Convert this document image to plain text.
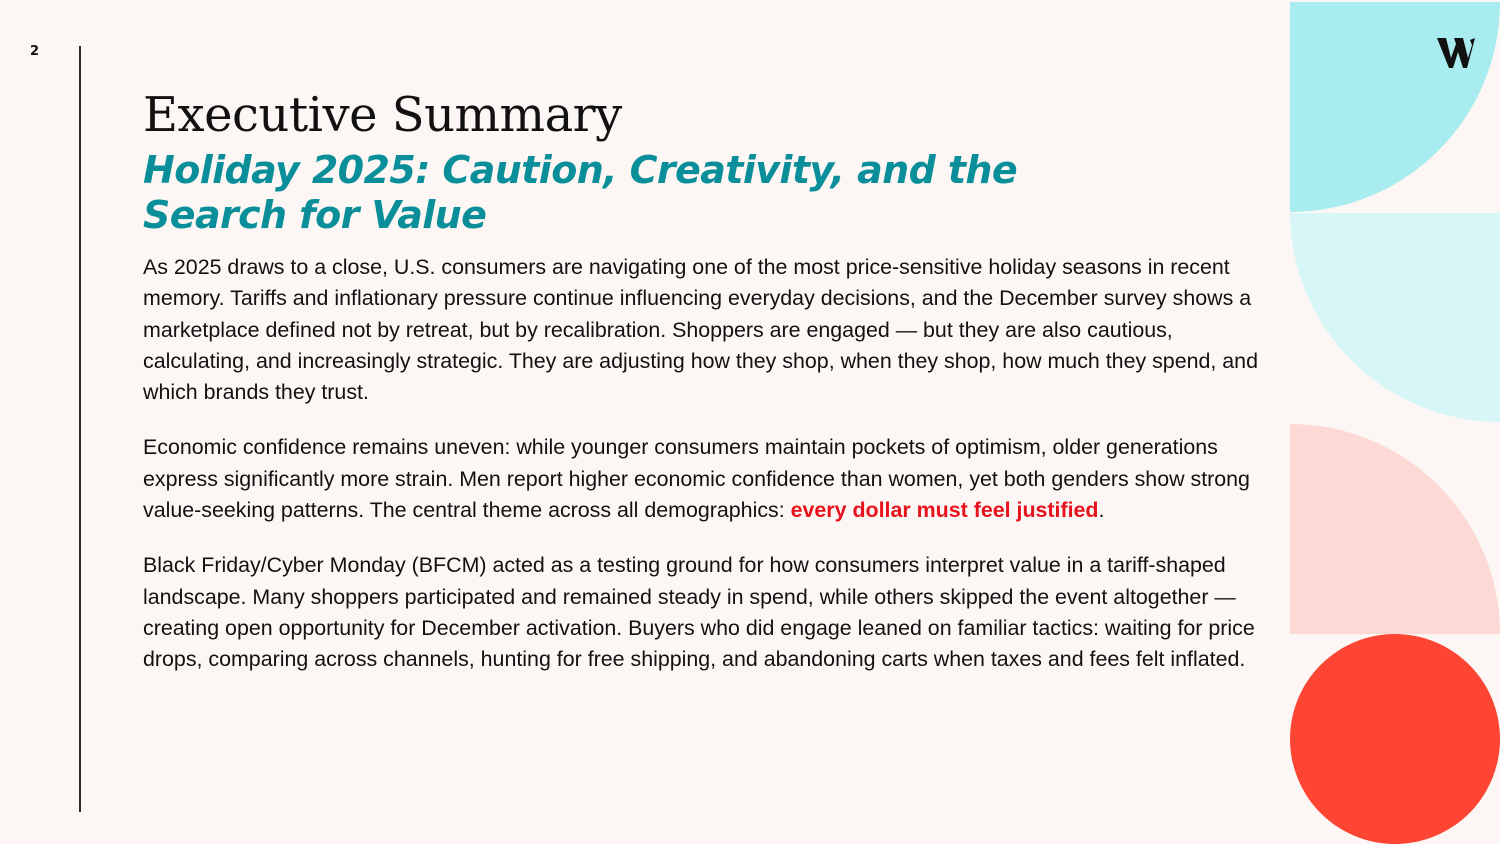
2
Executive Summary
Holiday 2025: Caution, Creativity, and the Search for Value

As 2025 draws to a close, U.S. consumers are navigating one of the most price-sensitive holiday seasons in recent memory. Tariffs and inflationary pressure continue influencing everyday decisions, and the December survey shows a marketplace defined not by retreat, but by recalibration. Shoppers are engaged — but they are also cautious, calculating, and increasingly strategic. They are adjusting how they shop, when they shop, how much they spend, and which brands they trust.

Economic confidence remains uneven: while younger consumers maintain pockets of optimism, older generations express significantly more strain. Men report higher economic confidence than women, yet both genders show strong value-seeking patterns. The central theme across all demographics: every dollar must feel justified.

Black Friday/Cyber Monday (BFCM) acted as a testing ground for how consumers interpret value in a tariff-shaped landscape. Many shoppers participated and remained steady in spend, while others skipped the event altogether — creating open opportunity for December activation. Buyers who did engage leaned on familiar tactics: waiting for price drops, comparing across channels, hunting for free shipping, and abandoning carts when taxes and fees felt inflated.
